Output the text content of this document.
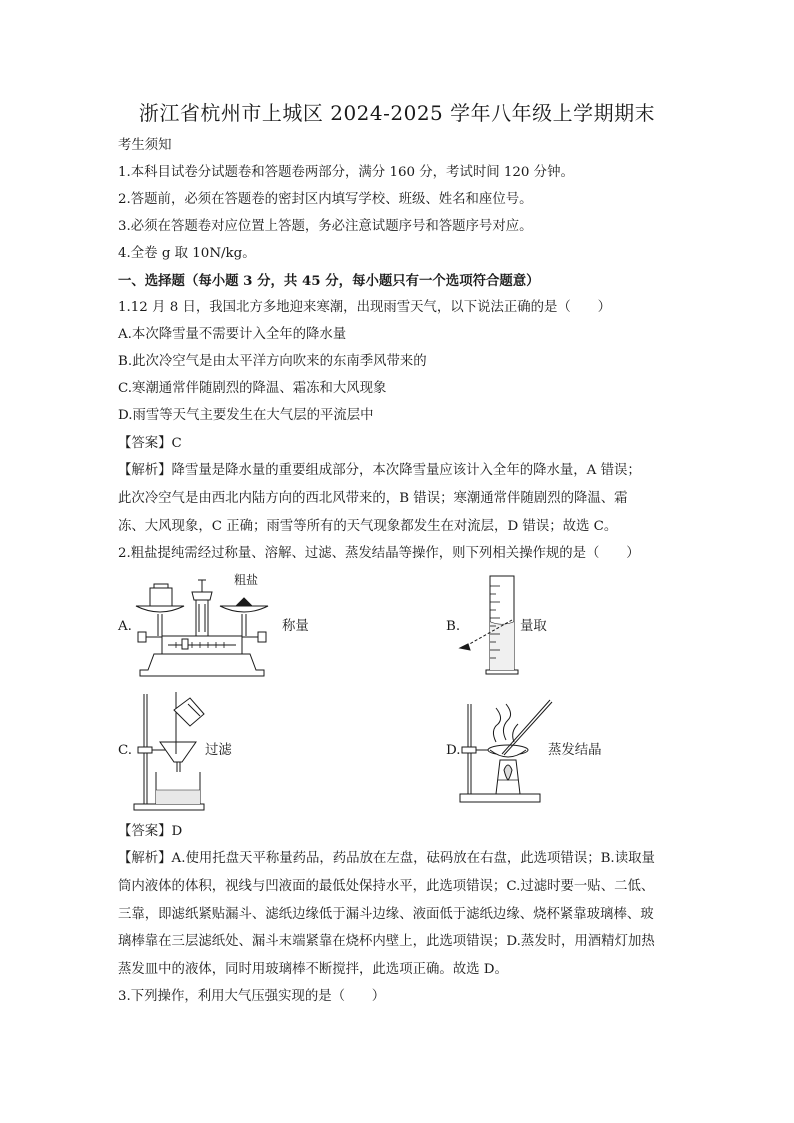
浙江省杭州市上城区 2024-2025 学年八年级上学期期末
考生须知
1.本科目试卷分试题卷和答题卷两部分，满分 160 分，考试时间 120 分钟。
2.答题前，必须在答题卷的密封区内填写学校、班级、姓名和座位号。
3.必须在答题卷对应位置上答题，务必注意试题序号和答题序号对应。
4.全卷 g 取 10N/kg。
一、选择题（每小题 3 分，共 45 分，每小题只有一个选项符合题意）
1.12 月 8 日，我国北方多地迎来寒潮，出现雨雪天气，以下说法正确的是（　　）
A.本次降雪量不需要计入全年的降水量
B.此次冷空气是由太平洋方向吹来的东南季风带来的
C.寒潮通常伴随剧烈的降温、霜冻和大风现象
D.雨雪等天气主要发生在大气层的平流层中
【答案】C
【解析】降雪量是降水量的重要组成部分，本次降雪量应该计入全年的降水量，A 错误；
此次冷空气是由西北内陆方向的西北风带来的，B 错误；寒潮通常伴随剧烈的降温、霜
冻、大风现象，C 正确；雨雪等所有的天气现象都发生在对流层，D 错误；故选 C。
2.粗盐提纯需经过称量、溶解、过滤、蒸发结晶等操作，则下列相关操作规的是（　　）
A.
粗盐
称量	B.	量取
C.	过滤	D.	蒸发结晶
【答案】D
【解析】A.使用托盘天平称量药品，药品放在左盘，砝码放在右盘，此选项错误；B.读取量
筒内液体的体积，视线与凹液面的最低处保持水平，此选项错误；C.过滤时要一贴、二低、
三靠，即滤纸紧贴漏斗、滤纸边缘低于漏斗边缘、液面低于滤纸边缘、烧杯紧靠玻璃棒、玻
璃棒靠在三层滤纸处、漏斗末端紧靠在烧杯内壁上，此选项错误；D.蒸发时，用酒精灯加热
蒸发皿中的液体，同时用玻璃棒不断搅拌，此选项正确。故选 D。
3.下列操作，利用大气压强实现的是（　　）
